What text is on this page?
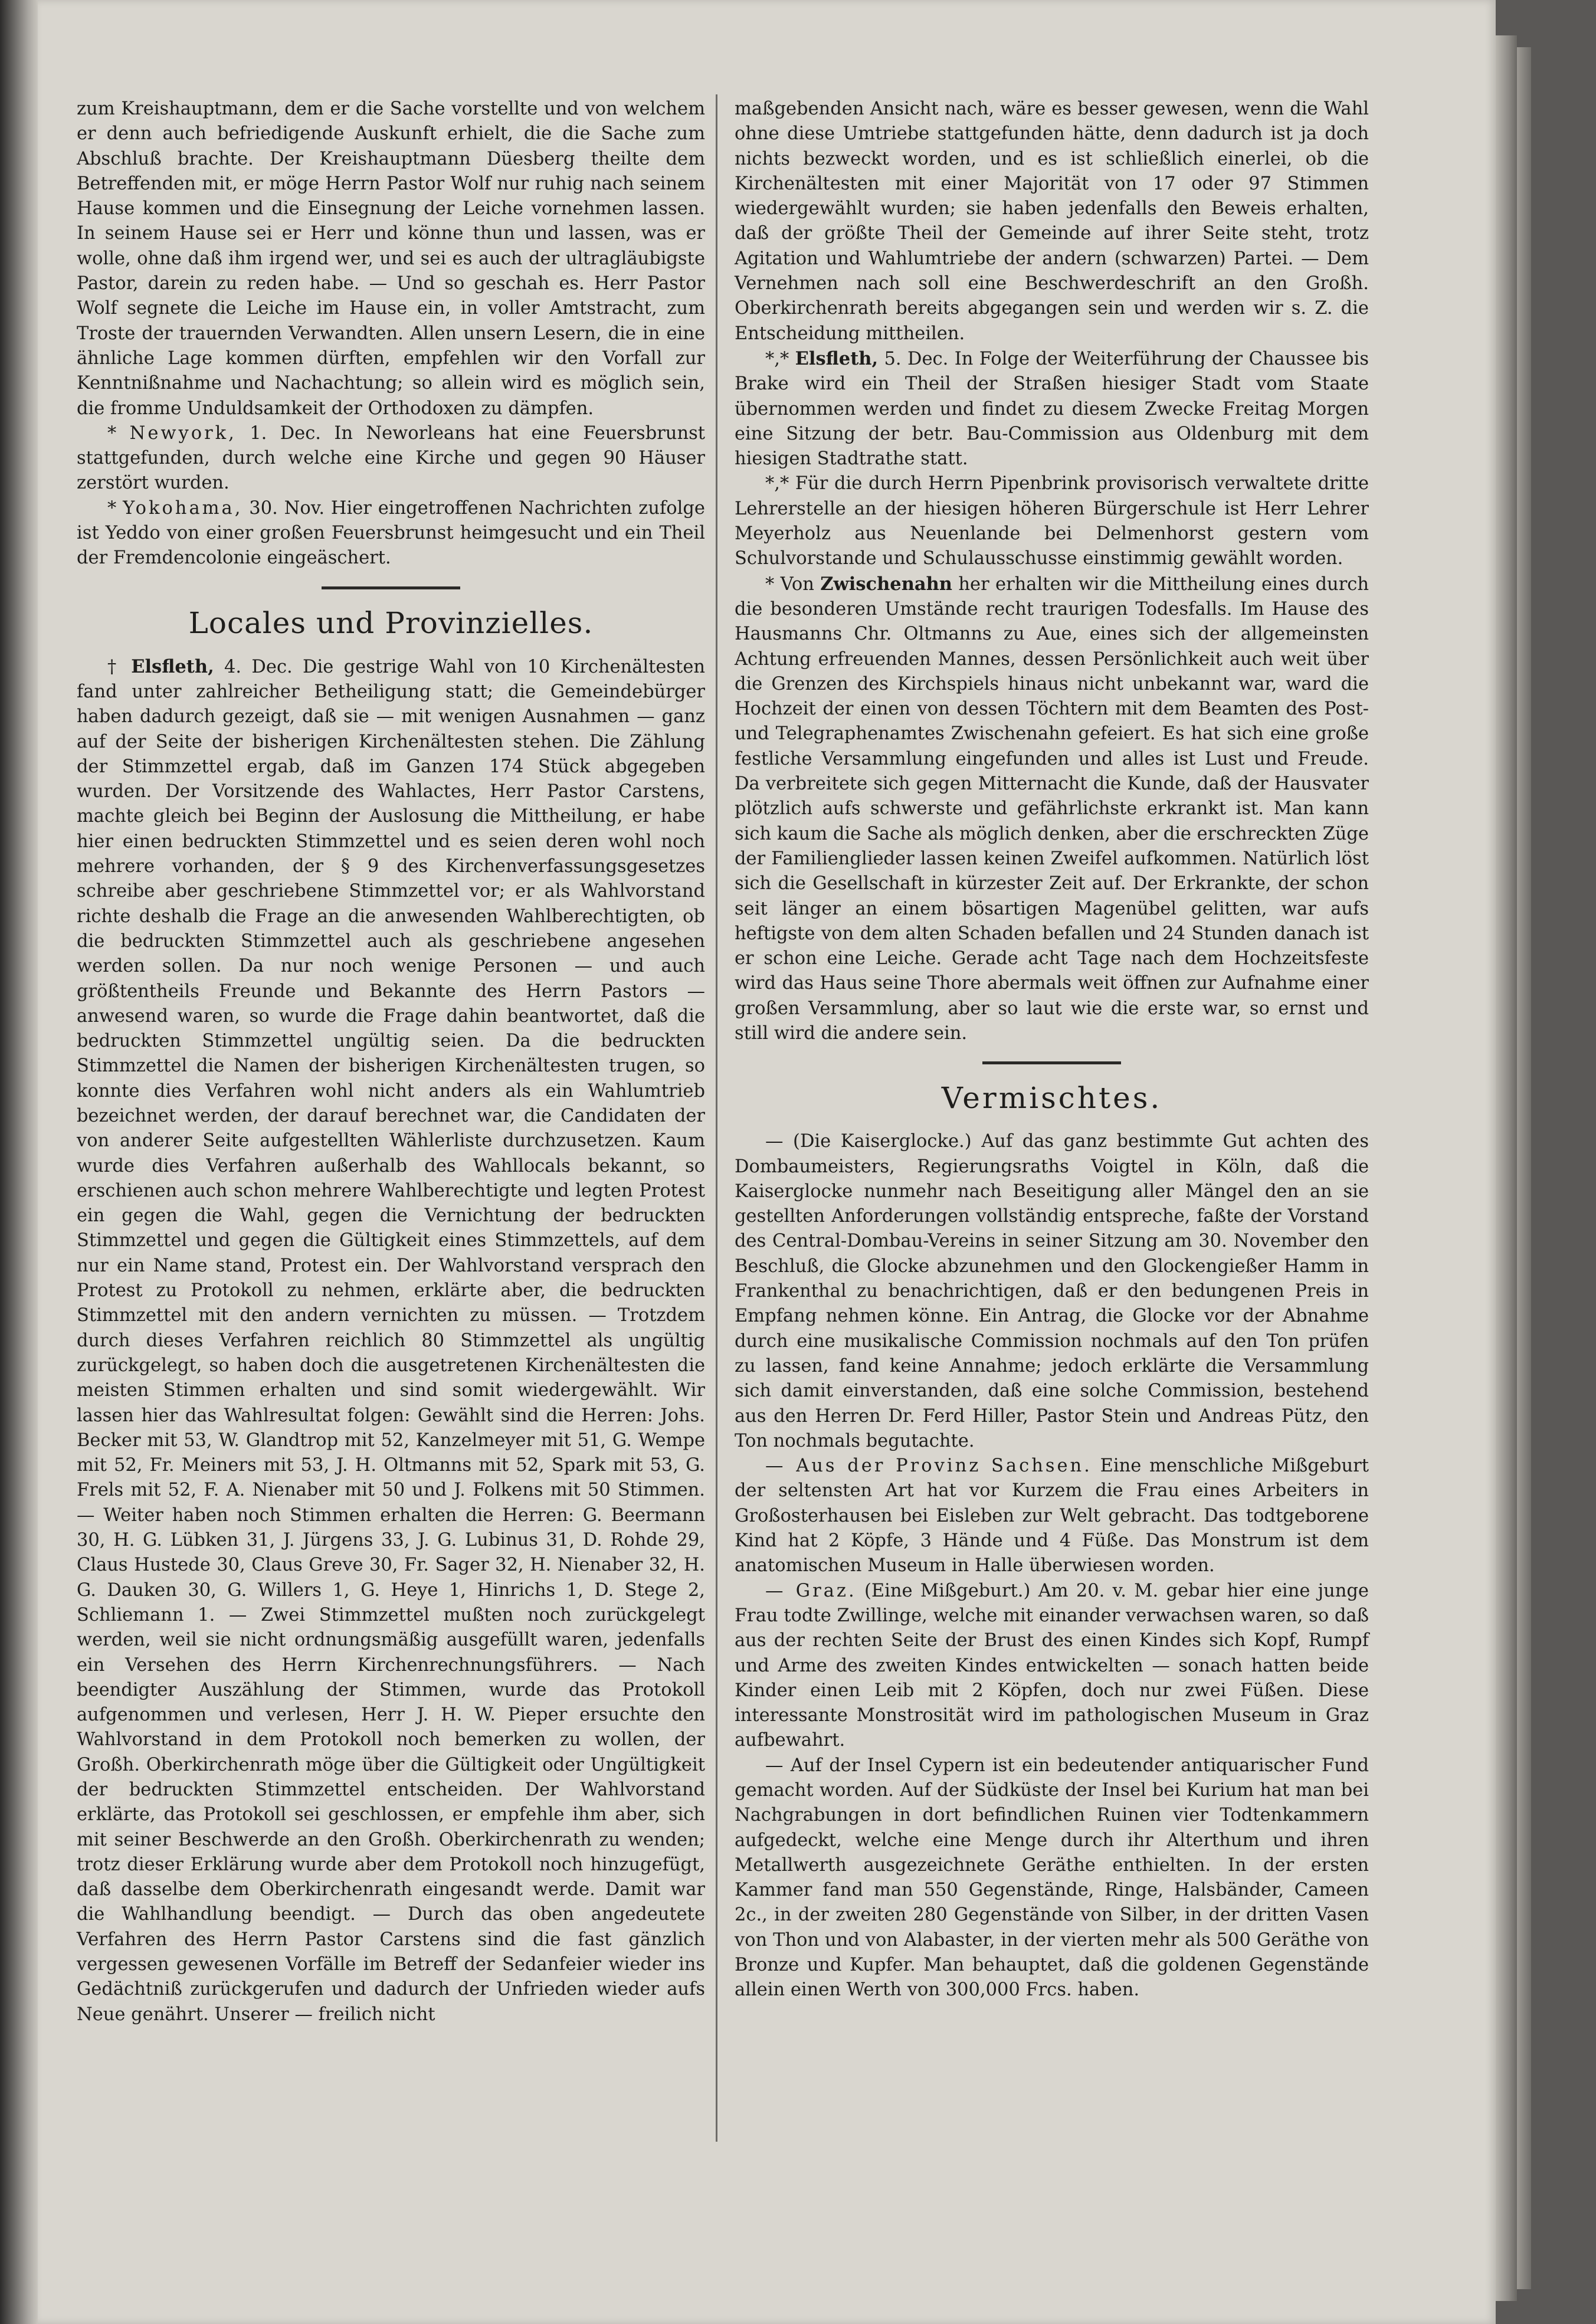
zum Kreishauptmann, dem er die Sache vorstellte und von welchem er denn auch befriedigende Auskunft erhielt, die die Sache zum Abschluß brachte. Der Kreishauptmann Düesberg theilte dem Betreffenden mit, er möge Herrn Pastor Wolf nur ruhig nach seinem Hause kommen und die Einsegnung der Leiche vornehmen lassen. In seinem Hause sei er Herr und könne thun und lassen, was er wolle, ohne daß ihm irgend wer, und sei es auch der ultragläubigste Pastor, darein zu reden habe. — Und so geschah es. Herr Pastor Wolf segnete die Leiche im Hause ein, in voller Amtstracht, zum Troste der trauernden Verwandten. Allen unsern Lesern, die in eine ähnliche Lage kommen dürften, empfehlen wir den Vorfall zur Kenntnißnahme und Nachachtung; so allein wird es möglich sein, die fromme Unduldsamkeit der Orthodoxen zu dämpfen.

* Newyork, 1. Dec. In Neworleans hat eine Feuersbrunst stattgefunden, durch welche eine Kirche und gegen 90 Häuser zerstört wurden.

* Yokohama, 30. Nov. Hier eingetroffenen Nachrichten zufolge ist Yeddo von einer großen Feuersbrunst heimgesucht und ein Theil der Fremdencolonie eingeäschert.

Locales und Provinzielles.

† Elsfleth, 4. Dec. Die gestrige Wahl von 10 Kirchenältesten fand unter zahlreicher Betheiligung statt; die Gemeindebürger haben dadurch gezeigt, daß sie — mit wenigen Ausnahmen — ganz auf der Seite der bisherigen Kirchenältesten stehen. Die Zählung der Stimmzettel ergab, daß im Ganzen 174 Stück abgegeben wurden. Der Vorsitzende des Wahlactes, Herr Pastor Carstens, machte gleich bei Beginn der Auslosung die Mittheilung, er habe hier einen bedruckten Stimmzettel und es seien deren wohl noch mehrere vorhanden, der § 9 des Kirchenverfassungsgesetzes schreibe aber geschriebene Stimmzettel vor; er als Wahlvorstand richte deshalb die Frage an die anwesenden Wahlberechtigten, ob die bedruckten Stimmzettel auch als geschriebene angesehen werden sollen. Da nur noch wenige Personen — und auch größtentheils Freunde und Bekannte des Herrn Pastors — anwesend waren, so wurde die Frage dahin beantwortet, daß die bedruckten Stimmzettel ungültig seien. Da die bedruckten Stimmzettel die Namen der bisherigen Kirchenältesten trugen, so konnte dies Verfahren wohl nicht anders als ein Wahlumtrieb bezeichnet werden, der darauf berechnet war, die Candidaten der von anderer Seite aufgestellten Wählerliste durchzusetzen. Kaum wurde dies Verfahren außerhalb des Wahllocals bekannt, so erschienen auch schon mehrere Wahlberechtigte und legten Protest ein gegen die Wahl, gegen die Vernichtung der bedruckten Stimmzettel und gegen die Gültigkeit eines Stimmzettels, auf dem nur ein Name stand, Protest ein. Der Wahlvorstand versprach den Protest zu Protokoll zu nehmen, erklärte aber, die bedruckten Stimmzettel mit den andern vernichten zu müssen. — Trotzdem durch dieses Verfahren reichlich 80 Stimmzettel als ungültig zurückgelegt, so haben doch die ausgetretenen Kirchenältesten die meisten Stimmen erhalten und sind somit wiedergewählt. Wir lassen hier das Wahlresultat folgen: Gewählt sind die Herren: Johs. Becker mit 53, W. Glandtrop mit 52, Kanzelmeyer mit 51, G. Wempe mit 52, Fr. Meiners mit 53, J. H. Oltmanns mit 52, Spark mit 53, G. Frels mit 52, F. A. Nienaber mit 50 und J. Folkens mit 50 Stimmen. — Weiter haben noch Stimmen erhalten die Herren: G. Beermann 30, H. G. Lübken 31, J. Jürgens 33, J. G. Lubinus 31, D. Rohde 29, Claus Hustede 30, Claus Greve 30, Fr. Sager 32, H. Nienaber 32, H. G. Dauken 30, G. Willers 1, G. Heye 1, Hinrichs 1, D. Stege 2, Schliemann 1. — Zwei Stimmzettel mußten noch zurückgelegt werden, weil sie nicht ordnungsmäßig ausgefüllt waren, jedenfalls ein Versehen des Herrn Kirchenrechnungsführers. — Nach beendigter Auszählung der Stimmen, wurde das Protokoll aufgenommen und verlesen, Herr J. H. W. Pieper ersuchte den Wahlvorstand in dem Protokoll noch bemerken zu wollen, der Großh. Oberkirchenrath möge über die Gültigkeit oder Ungültigkeit der bedruckten Stimmzettel entscheiden. Der Wahlvorstand erklärte, das Protokoll sei geschlossen, er empfehle ihm aber, sich mit seiner Beschwerde an den Großh. Oberkirchenrath zu wenden; trotz dieser Erklärung wurde aber dem Protokoll noch hinzugefügt, daß dasselbe dem Oberkirchenrath eingesandt werde. Damit war die Wahlhandlung beendigt. — Durch das oben angedeutete Verfahren des Herrn Pastor Carstens sind die fast gänzlich vergessen gewesenen Vorfälle im Betreff der Sedanfeier wieder ins Gedächtniß zurückgerufen und dadurch der Unfrieden wieder aufs Neue genährt. Unserer — freilich nicht

maßgebenden Ansicht nach, wäre es besser gewesen, wenn die Wahl ohne diese Umtriebe stattgefunden hätte, denn dadurch ist ja doch nichts bezweckt worden, und es ist schließlich einerlei, ob die Kirchenältesten mit einer Majorität von 17 oder 97 Stimmen wiedergewählt wurden; sie haben jedenfalls den Beweis erhalten, daß der größte Theil der Gemeinde auf ihrer Seite steht, trotz Agitation und Wahlumtriebe der andern (schwarzen) Partei. — Dem Vernehmen nach soll eine Beschwerdeschrift an den Großh. Oberkirchenrath bereits abgegangen sein und werden wir s. Z. die Entscheidung mittheilen.

*,* Elsfleth, 5. Dec. In Folge der Weiterführung der Chaussee bis Brake wird ein Theil der Straßen hiesiger Stadt vom Staate übernommen werden und findet zu diesem Zwecke Freitag Morgen eine Sitzung der betr. Bau-Commission aus Oldenburg mit dem hiesigen Stadtrathe statt.

*,* Für die durch Herrn Pipenbrink provisorisch verwaltete dritte Lehrerstelle an der hiesigen höheren Bürgerschule ist Herr Lehrer Meyerholz aus Neuenlande bei Delmenhorst gestern vom Schulvorstande und Schulausschusse einstimmig gewählt worden.

* Von Zwischenahn her erhalten wir die Mittheilung eines durch die besonderen Umstände recht traurigen Todesfalls. Im Hause des Hausmanns Chr. Oltmanns zu Aue, eines sich der allgemeinsten Achtung erfreuenden Mannes, dessen Persönlichkeit auch weit über die Grenzen des Kirchspiels hinaus nicht unbekannt war, ward die Hochzeit der einen von dessen Töchtern mit dem Beamten des Post- und Telegraphenamtes Zwischenahn gefeiert. Es hat sich eine große festliche Versammlung eingefunden und alles ist Lust und Freude. Da verbreitete sich gegen Mitternacht die Kunde, daß der Hausvater plötzlich aufs schwerste und gefährlichste erkrankt ist. Man kann sich kaum die Sache als möglich denken, aber die erschreckten Züge der Familienglieder lassen keinen Zweifel aufkommen. Natürlich löst sich die Gesellschaft in kürzester Zeit auf. Der Erkrankte, der schon seit länger an einem bösartigen Magenübel gelitten, war aufs heftigste von dem alten Schaden befallen und 24 Stunden danach ist er schon eine Leiche. Gerade acht Tage nach dem Hochzeitsfeste wird das Haus seine Thore abermals weit öffnen zur Aufnahme einer großen Versammlung, aber so laut wie die erste war, so ernst und still wird die andere sein.

Vermischtes.

— (Die Kaiserglocke.) Auf das ganz bestimmte Gut achten des Dombaumeisters, Regierungsraths Voigtel in Köln, daß die Kaiserglocke nunmehr nach Beseitigung aller Mängel den an sie gestellten Anforderungen vollständig entspreche, faßte der Vorstand des Central-Dombau-Vereins in seiner Sitzung am 30. November den Beschluß, die Glocke abzunehmen und den Glockengießer Hamm in Frankenthal zu benachrichtigen, daß er den bedungenen Preis in Empfang nehmen könne. Ein Antrag, die Glocke vor der Abnahme durch eine musikalische Commission nochmals auf den Ton prüfen zu lassen, fand keine Annahme; jedoch erklärte die Versammlung sich damit einverstanden, daß eine solche Commission, bestehend aus den Herren Dr. Ferd Hiller, Pastor Stein und Andreas Pütz, den Ton nochmals begutachte.

— Aus der Provinz Sachsen. Eine menschliche Mißgeburt der seltensten Art hat vor Kurzem die Frau eines Arbeiters in Großosterhausen bei Eisleben zur Welt gebracht. Das todtgeborene Kind hat 2 Köpfe, 3 Hände und 4 Füße. Das Monstrum ist dem anatomischen Museum in Halle überwiesen worden.

— Graz. (Eine Mißgeburt.) Am 20. v. M. gebar hier eine junge Frau todte Zwillinge, welche mit einander verwachsen waren, so daß aus der rechten Seite der Brust des einen Kindes sich Kopf, Rumpf und Arme des zweiten Kindes entwickelten — sonach hatten beide Kinder einen Leib mit 2 Köpfen, doch nur zwei Füßen. Diese interessante Monstrosität wird im pathologischen Museum in Graz aufbewahrt.

— Auf der Insel Cypern ist ein bedeutender antiquarischer Fund gemacht worden. Auf der Südküste der Insel bei Kurium hat man bei Nachgrabungen in dort befindlichen Ruinen vier Todtenkammern aufgedeckt, welche eine Menge durch ihr Alterthum und ihren Metallwerth ausgezeichnete Geräthe enthielten. In der ersten Kammer fand man 550 Gegenstände, Ringe, Halsbänder, Cameen 2c., in der zweiten 280 Gegenstände von Silber, in der dritten Vasen von Thon und von Alabaster, in der vierten mehr als 500 Geräthe von Bronze und Kupfer. Man behauptet, daß die goldenen Gegenstände allein einen Werth von 300,000 Frcs. haben.
